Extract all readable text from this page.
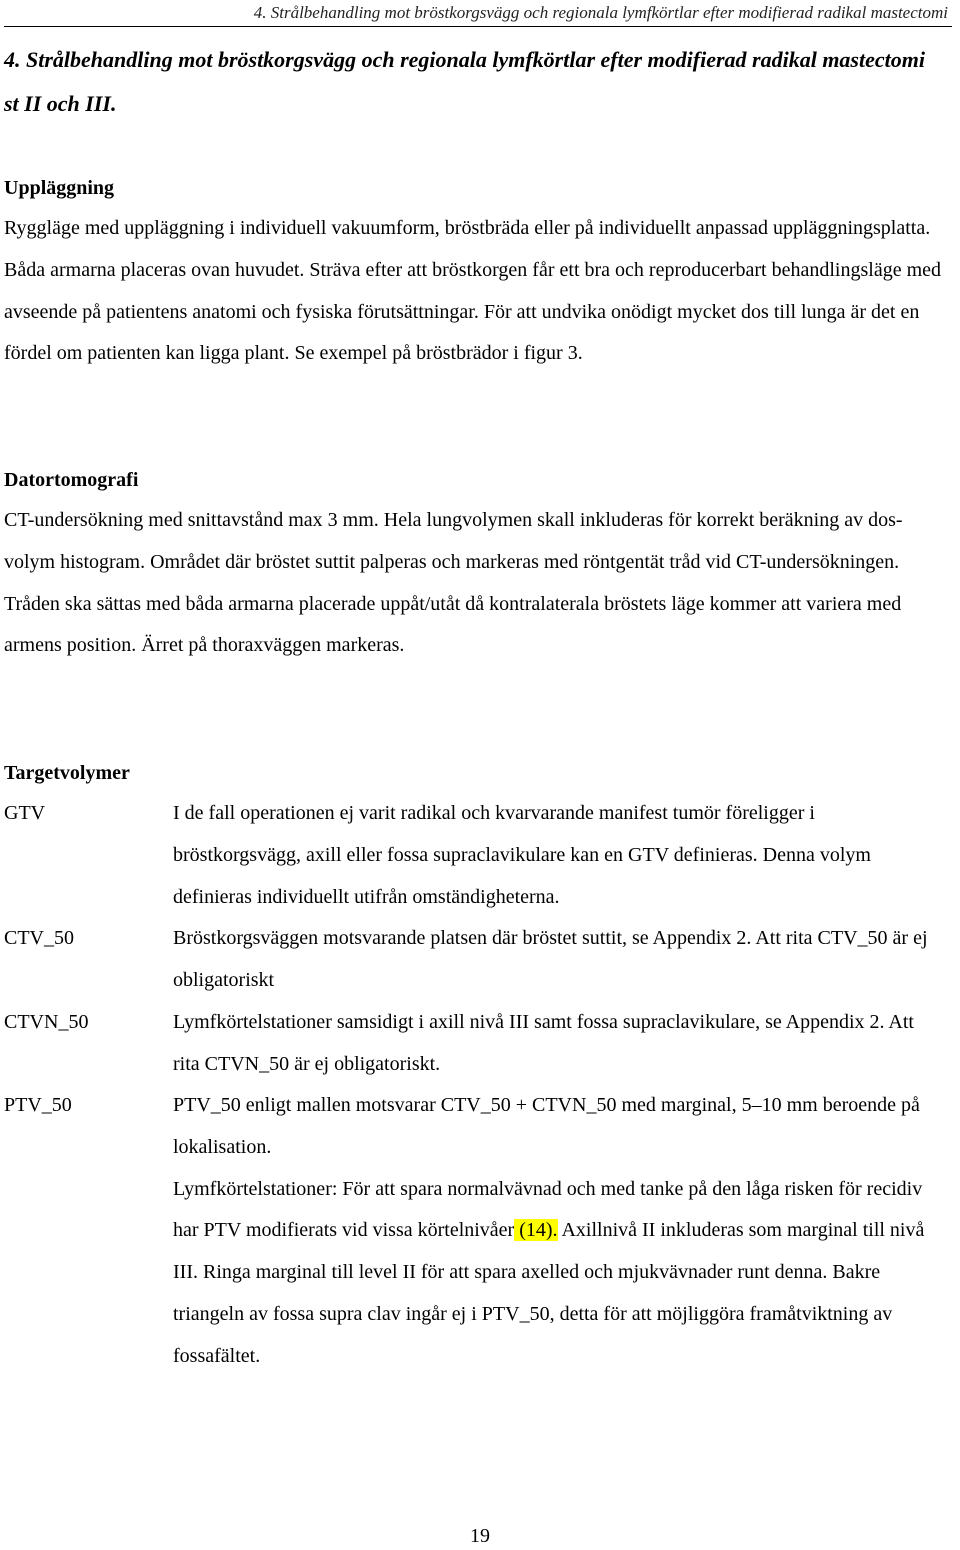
4. Strålbehandling mot bröstkorgsvägg och regionala lymfkörtlar efter modifierad radikal mastectomi
4. Strålbehandling mot bröstkorgsvägg och regionala lymfkörtlar efter modifierad radikal mastectomi st II och III.
Uppläggning

Rygglӓge med uppläggning i individuell vakuumform, bröstbräda eller på individuellt anpassad uppläggningsplatta. Båda armarna placeras ovan huvudet. Sträva efter att bröstkorgen får ett bra och reproducerbart behandlingsläge med avseende på patientens anatomi och fysiska förutsättningar. För att undvika onödigt mycket dos till lunga är det en fördel om patienten kan ligga plant. Se exempel på bröstbrädor i figur 3.

Datortomografi

CT-undersökning med snittavstånd max 3 mm. Hela lungvolymen skall inkluderas för korrekt beräkning av dos-volym histogram. Området där bröstet suttit palperas och markeras med röntgentät tråd vid CT-undersökningen. Tråden ska sättas med båda armarna placerade uppåt/utåt då kontralaterala bröstets läge kommer att variera med armens position. Ärret på thoraxväggen markeras.

Targetvolymer
GTV	I de fall operationen ej varit radikal och kvarvarande manifest tumör föreligger i bröstkorgsvägg, axill eller fossa supraclavikulare kan en GTV definieras. Denna volym definieras individuellt utifrån omständigheterna.
CTV_50	Bröstkorgsväggen motsvarande platsen där bröstet suttit, se Appendix 2. Att rita CTV_50 är ej obligatoriskt
CTVN_50	Lymfkörtelstationer samsidigt i axill nivå III samt fossa supraclavikulare, se Appendix 2. Att rita CTVN_50 är ej obligatoriskt.
PTV_50	PTV_50 enligt mallen motsvarar CTV_50 + CTVN_50 med marginal, 5–10 mm beroende på lokalisation.
Lymfkörtelstationer: För att spara normalvävnad och med tanke på den låga risken för recidiv har PTV modifierats vid vissa körtelnivåer (14). Axillnivå II inkluderas som marginal till nivå III. Ringa marginal till level II för att spara axelled och mjukvävnader runt denna. Bakre triangeln av fossa supra clav ingår ej i PTV_50, detta för att möjliggöra framåtviktning av fossafältet.
19
